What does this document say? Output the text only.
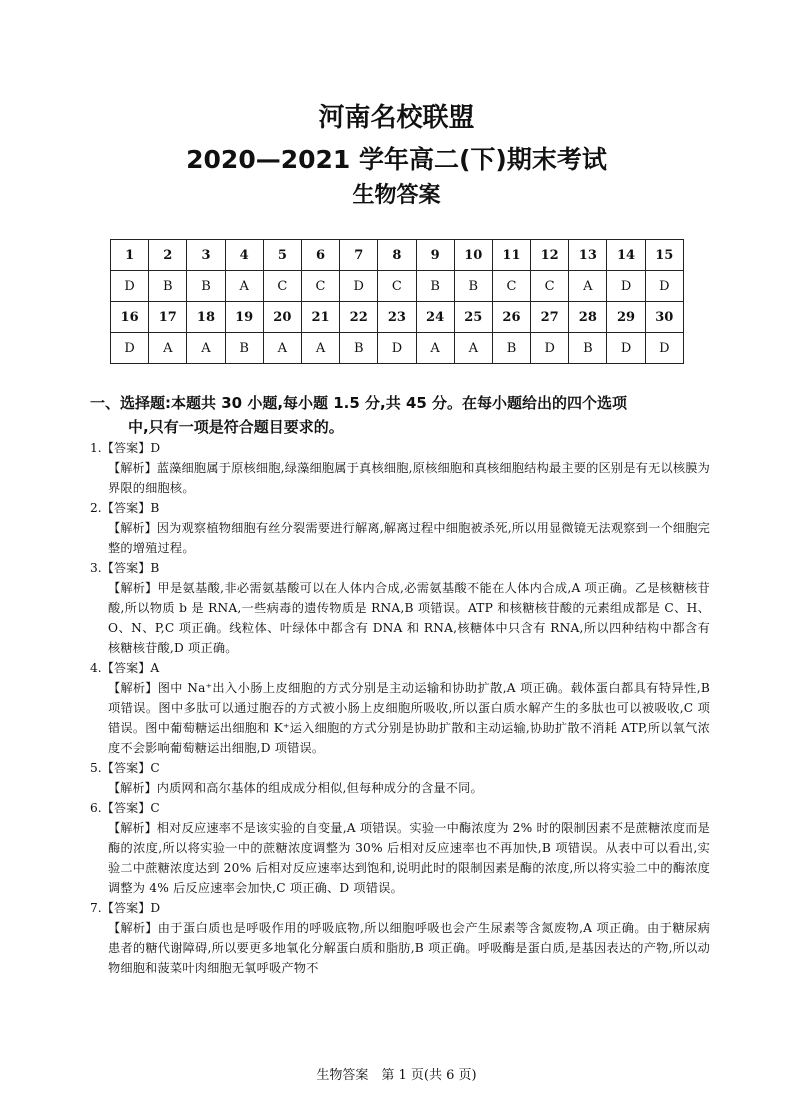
河南名校联盟
2020—2021 学年高二(下)期末考试
生物答案
1	2	3	4	5	6	7	8	9	10	11	12	13	14	15
D	B	B	A	C	C	D	C	B	B	C	C	A	D	D
16	17	18	19	20	21	22	23	24	25	26	27	28	29	30
D	A	A	B	A	A	B	D	A	A	B	D	B	D	D
一、选择题:本题共 30 小题,每小题 1.5 分,共 45 分。在每小题给出的四个选项
中,只有一项是符合题目要求的。
1.【答案】D
【解析】蓝藻细胞属于原核细胞,绿藻细胞属于真核细胞,原核细胞和真核细胞结构最主要的区别是有无以核膜为界限的细胞核。
2.【答案】B
【解析】因为观察植物细胞有丝分裂需要进行解离,解离过程中细胞被杀死,所以用显微镜无法观察到一个细胞完整的增殖过程。
3.【答案】B
【解析】甲是氨基酸,非必需氨基酸可以在人体内合成,必需氨基酸不能在人体内合成,A 项正确。乙是核糖核苷酸,所以物质 b 是 RNA,一些病毒的遗传物质是 RNA,B 项错误。ATP 和核糖核苷酸的元素组成都是 C、H、O、N、P,C 项正确。线粒体、叶绿体中都含有 DNA 和 RNA,核糖体中只含有 RNA,所以四种结构中都含有核糖核苷酸,D 项正确。
4.【答案】A
【解析】图中 Na⁺出入小肠上皮细胞的方式分别是主动运输和协助扩散,A 项正确。载体蛋白都具有特异性,B 项错误。图中多肽可以通过胞吞的方式被小肠上皮细胞所吸收,所以蛋白质水解产生的多肽也可以被吸收,C 项错误。图中葡萄糖运出细胞和 K⁺运入细胞的方式分别是协助扩散和主动运输,协助扩散不消耗 ATP,所以氧气浓度不会影响葡萄糖运出细胞,D 项错误。
5.【答案】C
【解析】内质网和高尔基体的组成成分相似,但每种成分的含量不同。
6.【答案】C
【解析】相对反应速率不是该实验的自变量,A 项错误。实验一中酶浓度为 2% 时的限制因素不是蔗糖浓度而是酶的浓度,所以将实验一中的蔗糖浓度调整为 30% 后相对反应速率也不再加快,B 项错误。从表中可以看出,实验二中蔗糖浓度达到 20% 后相对反应速率达到饱和,说明此时的限制因素是酶的浓度,所以将实验二中的酶浓度调整为 4% 后反应速率会加快,C 项正确、D 项错误。
7.【答案】D
【解析】由于蛋白质也是呼吸作用的呼吸底物,所以细胞呼吸也会产生尿素等含氮废物,A 项正确。由于糖尿病患者的糖代谢障碍,所以要更多地氧化分解蛋白质和脂肪,B 项正确。呼吸酶是蛋白质,是基因表达的产物,所以动物细胞和菠菜叶肉细胞无氧呼吸产物不
生物答案　第 1 页(共 6 页)
